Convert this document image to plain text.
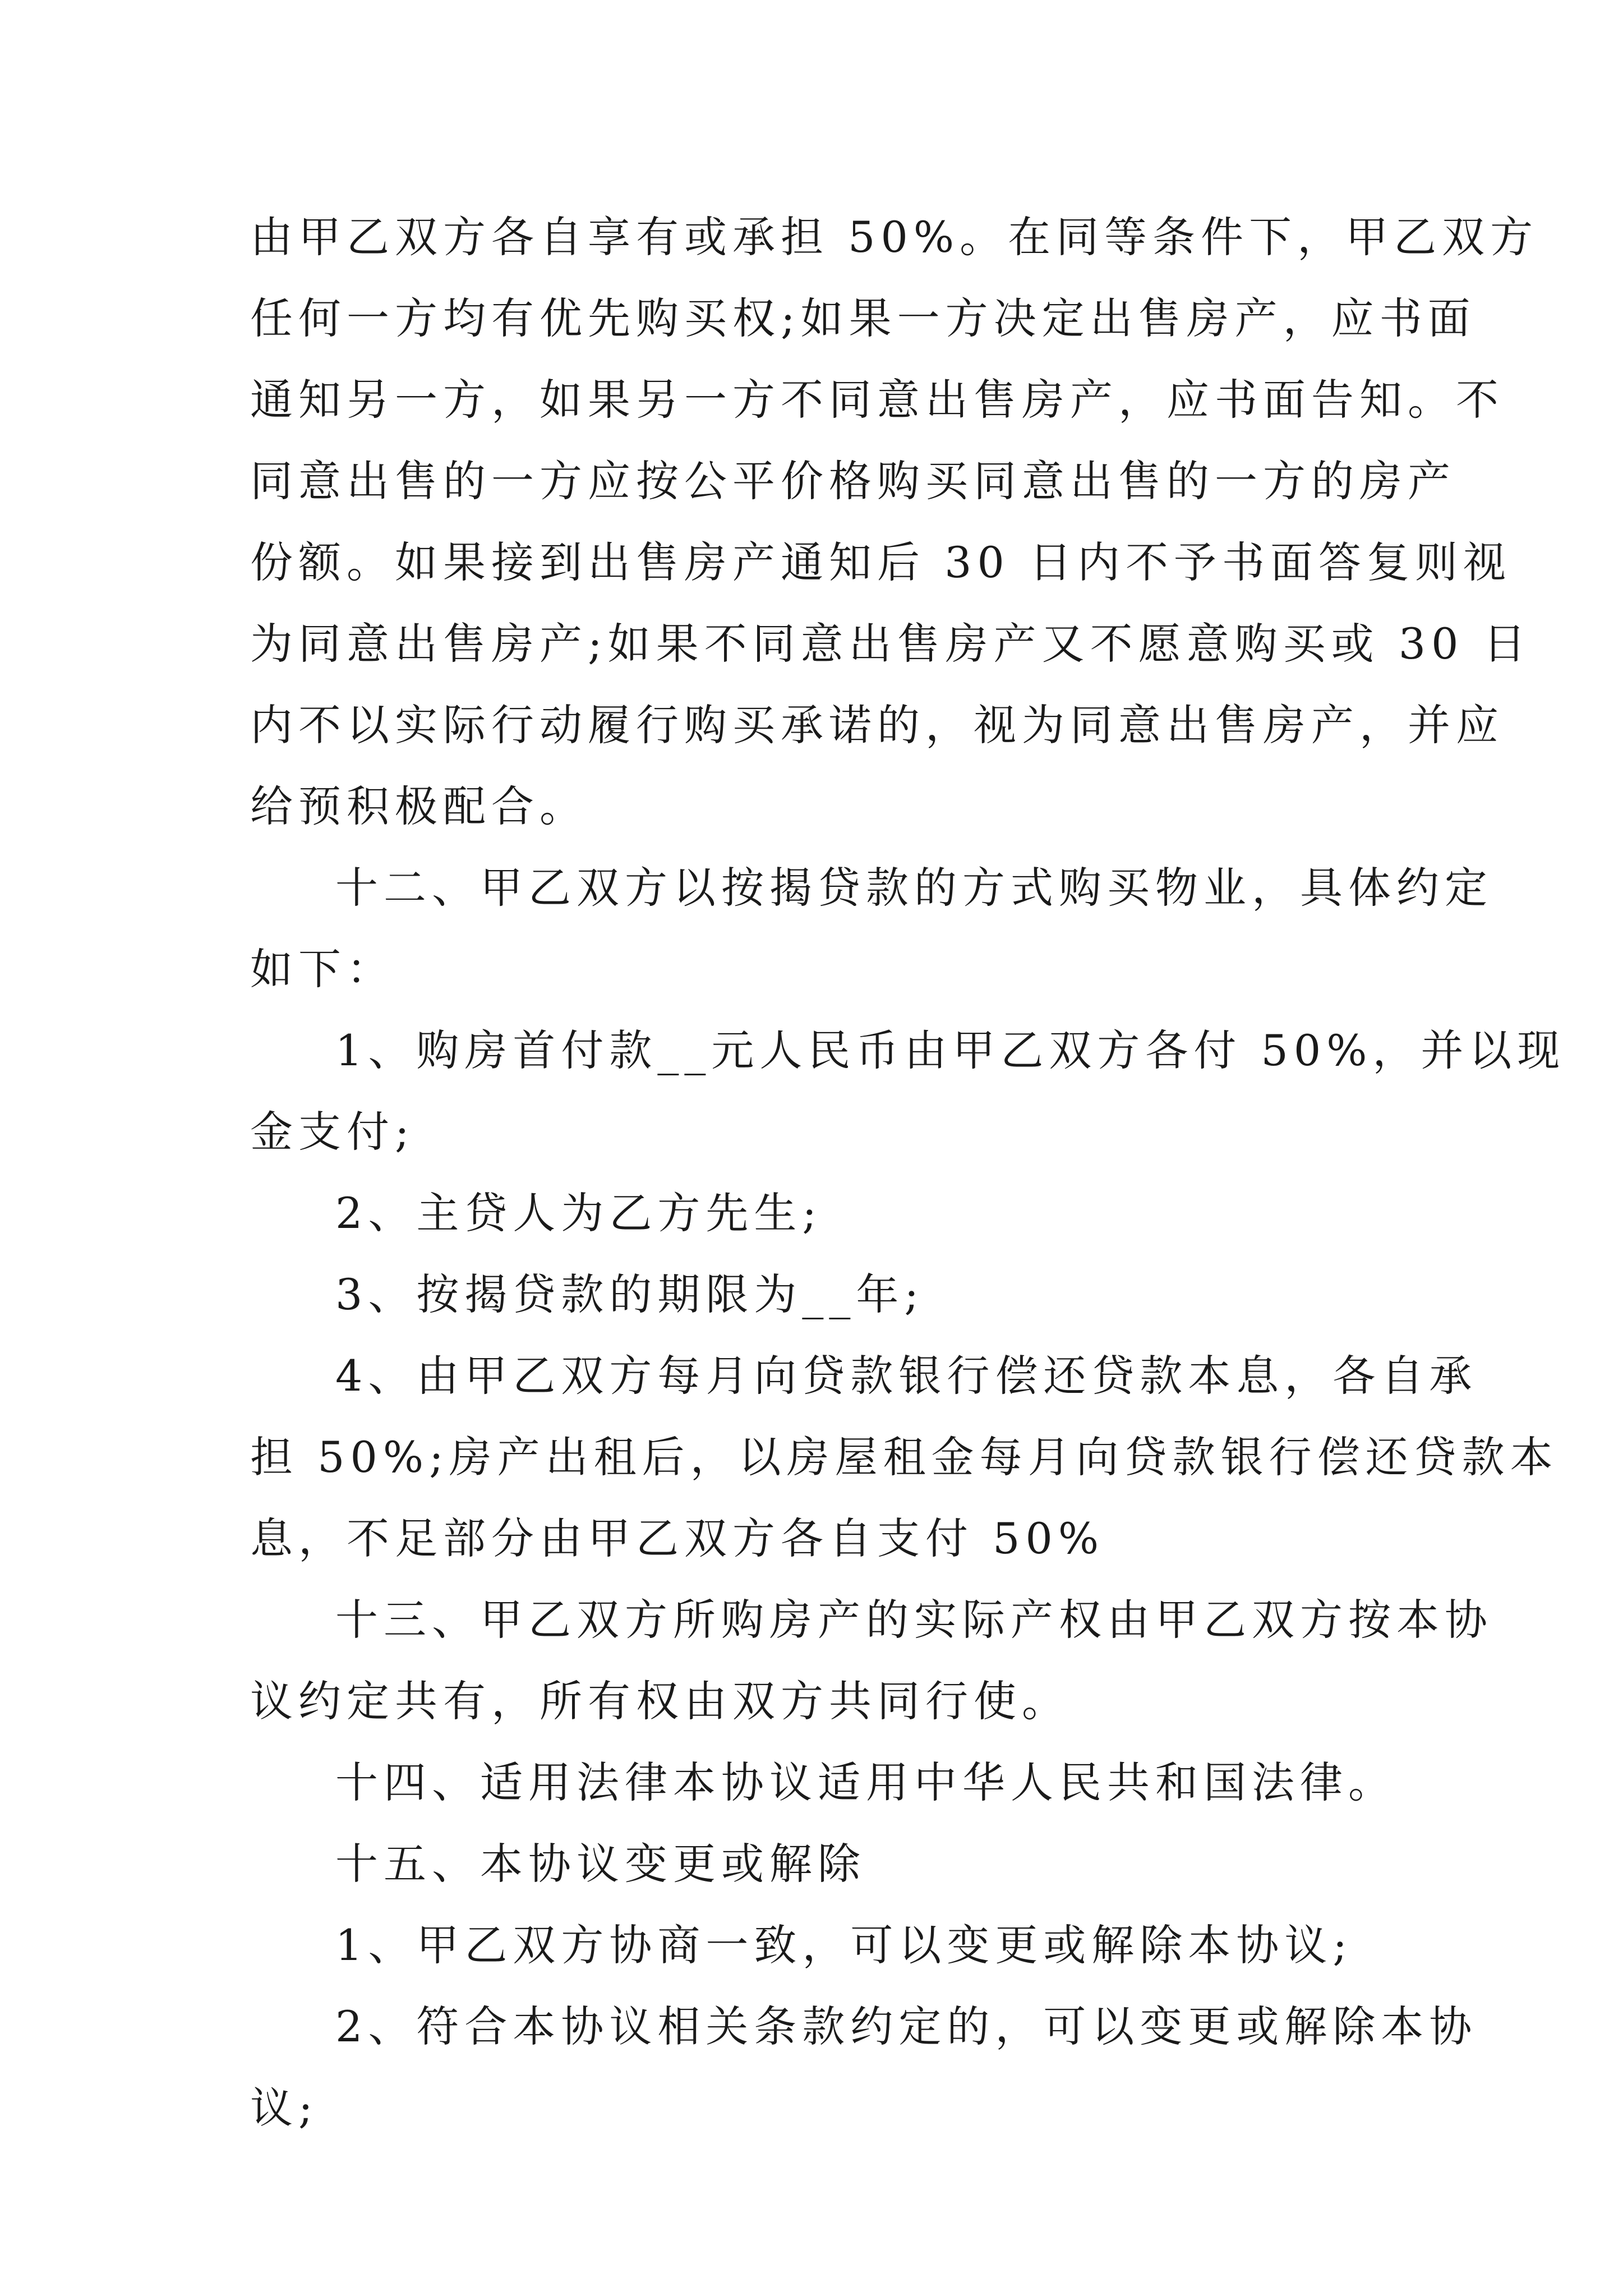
由甲乙双方各自享有或承担 50%。在同等条件下，甲乙双方
任何一方均有优先购买权;如果一方决定出售房产，应书面
通知另一方，如果另一方不同意出售房产，应书面告知。不
同意出售的一方应按公平价格购买同意出售的一方的房产
份额。如果接到出售房产通知后 30 日内不予书面答复则视
为同意出售房产;如果不同意出售房产又不愿意购买或 30 日
内不以实际行动履行购买承诺的，视为同意出售房产，并应
给预积极配合。
十二、甲乙双方以按揭贷款的方式购买物业，具体约定
如下：
1、购房首付款__元人民币由甲乙双方各付 50%，并以现
金支付;
2、主贷人为乙方先生;
3、按揭贷款的期限为__年;
4、由甲乙双方每月向贷款银行偿还贷款本息，各自承
担 50%;房产出租后，以房屋租金每月向贷款银行偿还贷款本
息，不足部分由甲乙双方各自支付 50%
十三、甲乙双方所购房产的实际产权由甲乙双方按本协
议约定共有，所有权由双方共同行使。
十四、适用法律本协议适用中华人民共和国法律。
十五、本协议变更或解除
1、甲乙双方协商一致，可以变更或解除本协议;
2、符合本协议相关条款约定的，可以变更或解除本协
议;
